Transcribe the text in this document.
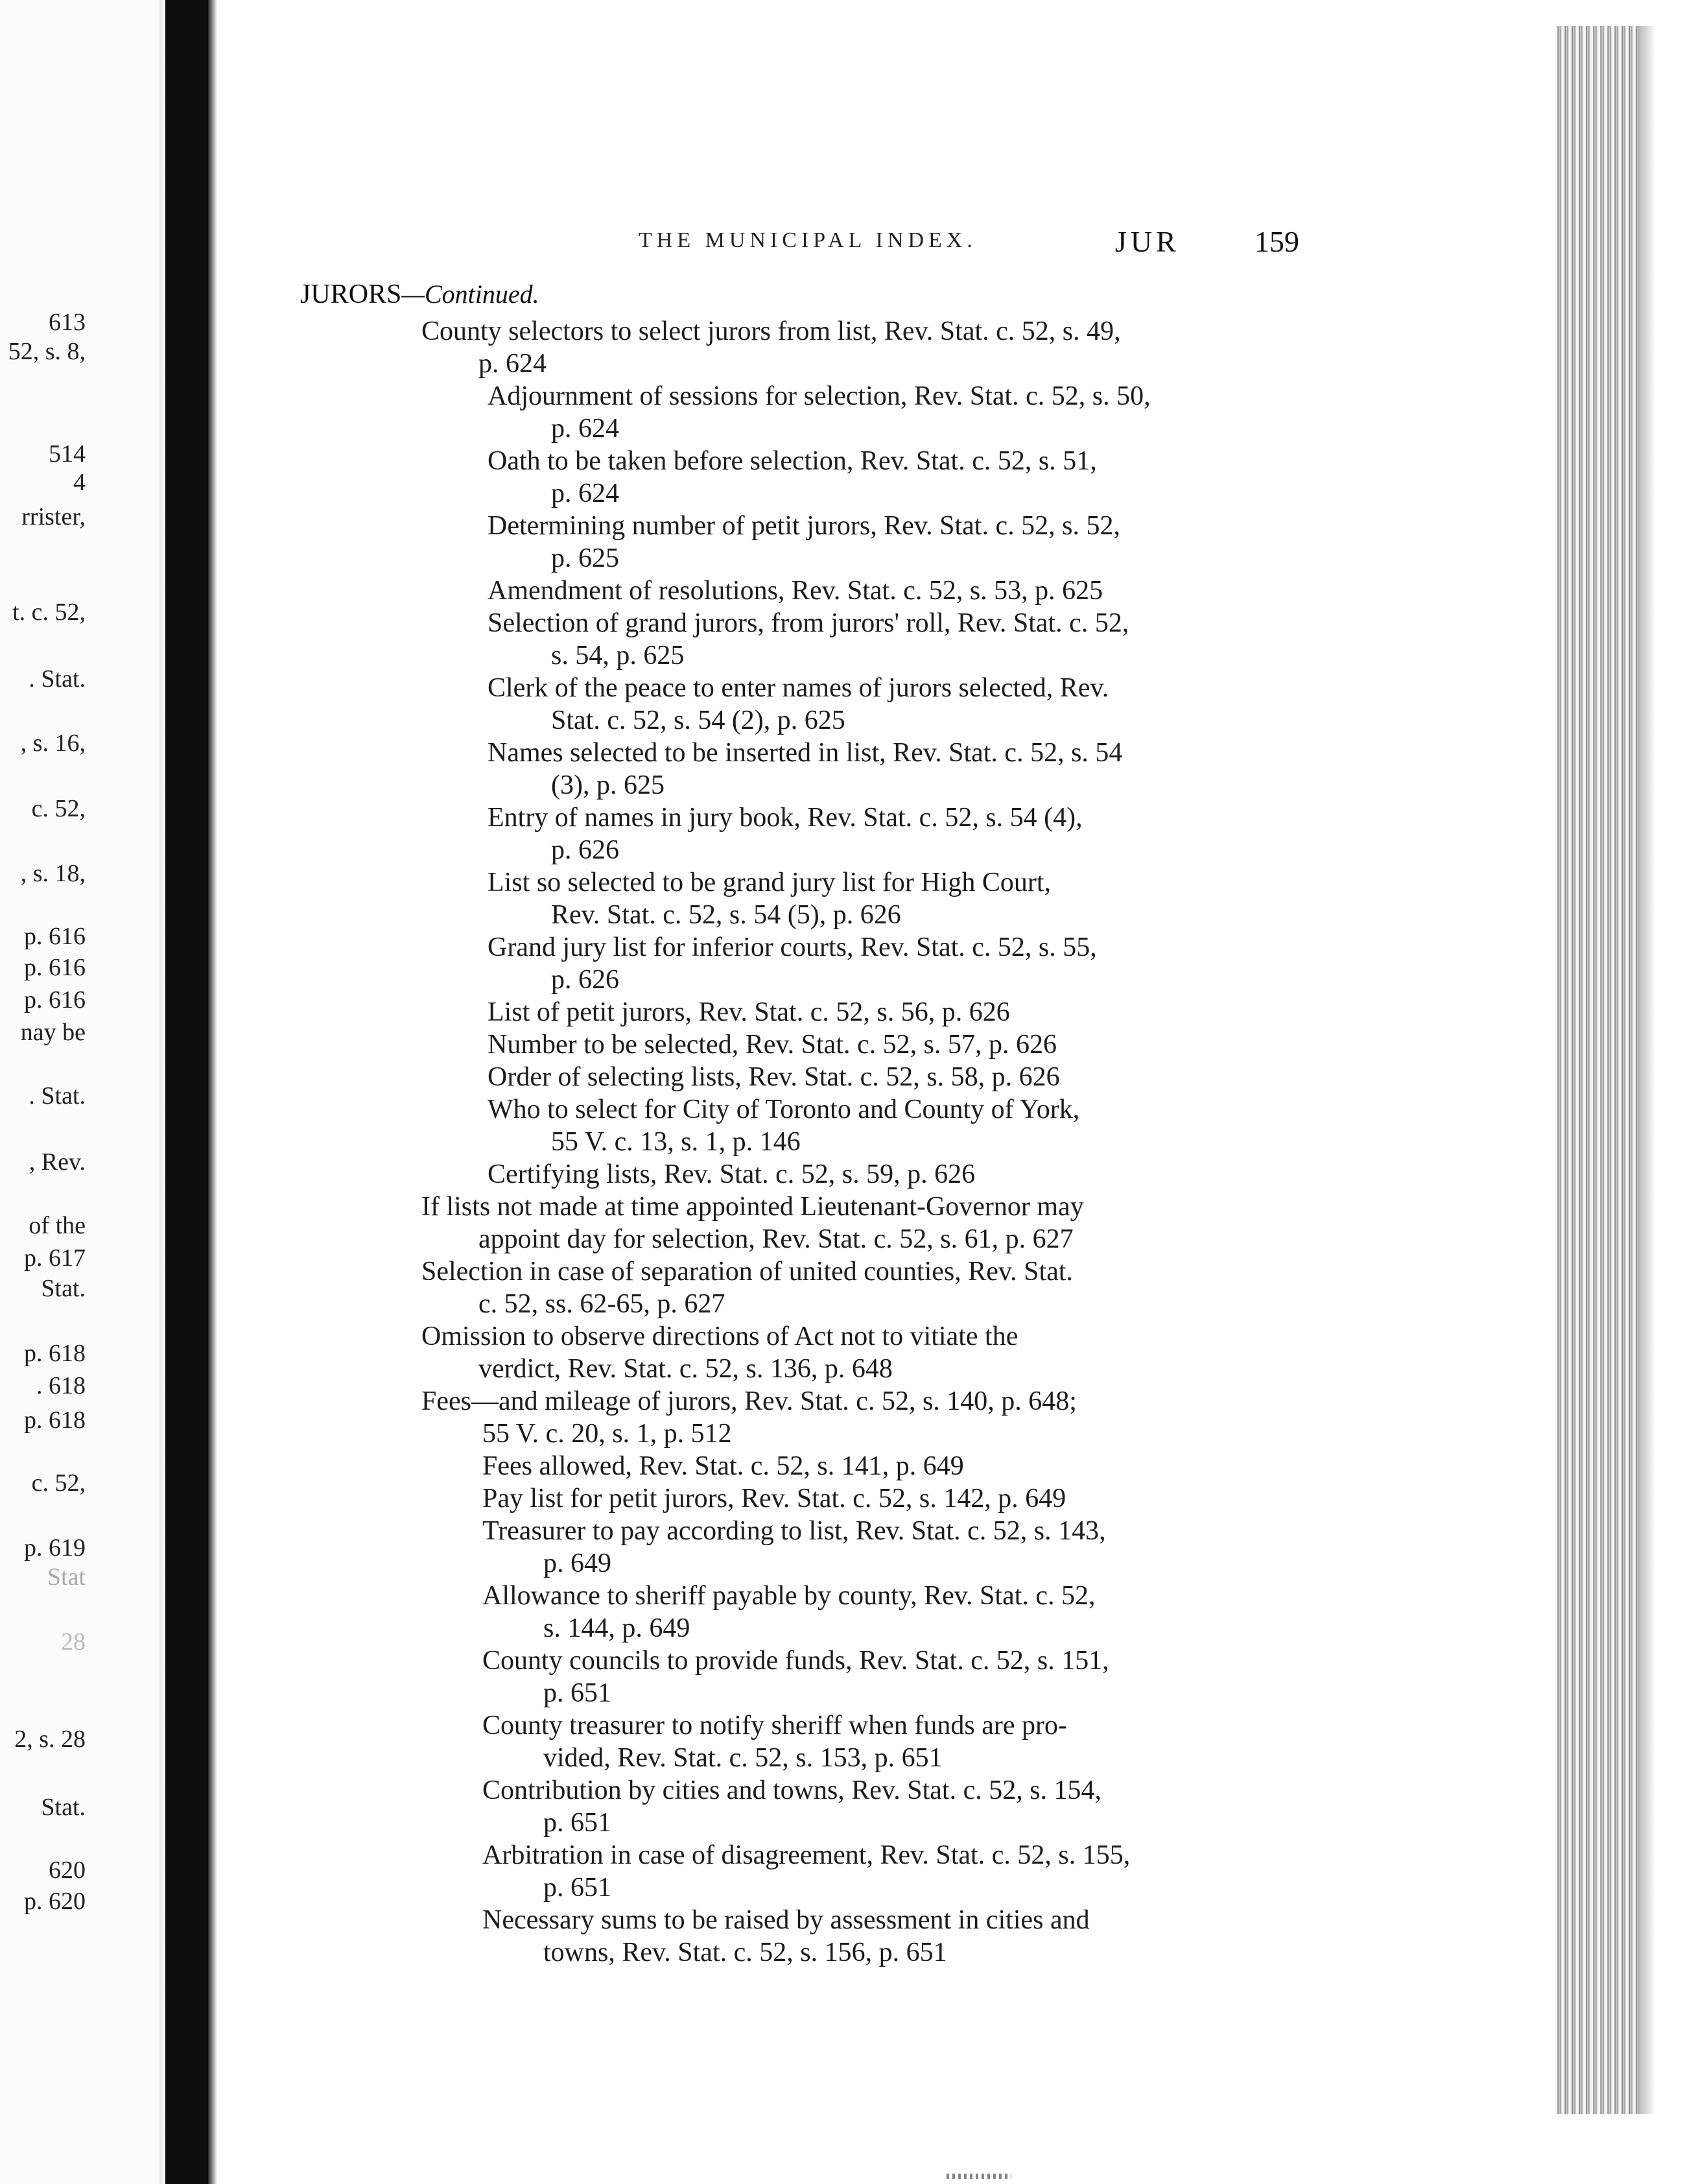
613
52, s. 8,
514
4
rrister,
t. c. 52,
. Stat.
, s. 16,
c. 52,
, s. 18,
p. 616
p. 616
p. 616
nay be
. Stat.
, Rev.
of the
p. 617
Stat.
p. 618
. 618
p. 618
c. 52,
p. 619
Stat
28
2, s. 28
Stat.
620
p. 620
THE MUNICIPAL INDEX.	JUR	159
JURORS—Continued.
County selectors to select jurors from list, Rev. Stat. c. 52, s. 49,
p. 624
Adjournment of sessions for selection, Rev. Stat. c. 52, s. 50,
p. 624
Oath to be taken before selection, Rev. Stat. c. 52, s. 51,
p. 624
Determining number of petit jurors, Rev. Stat. c. 52, s. 52,
p. 625
Amendment of resolutions, Rev. Stat. c. 52, s. 53, p. 625
Selection of grand jurors, from jurors' roll, Rev. Stat. c. 52,
s. 54, p. 625
Clerk of the peace to enter names of jurors selected, Rev.
Stat. c. 52, s. 54 (2), p. 625
Names selected to be inserted in list, Rev. Stat. c. 52, s. 54
(3), p. 625
Entry of names in jury book, Rev. Stat. c. 52, s. 54 (4),
p. 626
List so selected to be grand jury list for High Court,
Rev. Stat. c. 52, s. 54 (5), p. 626
Grand jury list for inferior courts, Rev. Stat. c. 52, s. 55,
p. 626
List of petit jurors, Rev. Stat. c. 52, s. 56, p. 626
Number to be selected, Rev. Stat. c. 52, s. 57, p. 626
Order of selecting lists, Rev. Stat. c. 52, s. 58, p. 626
Who to select for City of Toronto and County of York,
55 V. c. 13, s. 1, p. 146
Certifying lists, Rev. Stat. c. 52, s. 59, p. 626
If lists not made at time appointed Lieutenant-Governor may
appoint day for selection, Rev. Stat. c. 52, s. 61, p. 627
Selection in case of separation of united counties, Rev. Stat.
c. 52, ss. 62-65, p. 627
Omission to observe directions of Act not to vitiate the
verdict, Rev. Stat. c. 52, s. 136, p. 648
Fees—and mileage of jurors, Rev. Stat. c. 52, s. 140, p. 648;
55 V. c. 20, s. 1, p. 512
Fees allowed, Rev. Stat. c. 52, s. 141, p. 649
Pay list for petit jurors, Rev. Stat. c. 52, s. 142, p. 649
Treasurer to pay according to list, Rev. Stat. c. 52, s. 143,
p. 649
Allowance to sheriff payable by county, Rev. Stat. c. 52,
s. 144, p. 649
County councils to provide funds, Rev. Stat. c. 52, s. 151,
p. 651
County treasurer to notify sheriff when funds are pro-
vided, Rev. Stat. c. 52, s. 153, p. 651
Contribution by cities and towns, Rev. Stat. c. 52, s. 154,
p. 651
Arbitration in case of disagreement, Rev. Stat. c. 52, s. 155,
p. 651
Necessary sums to be raised by assessment in cities and
towns, Rev. Stat. c. 52, s. 156, p. 651
